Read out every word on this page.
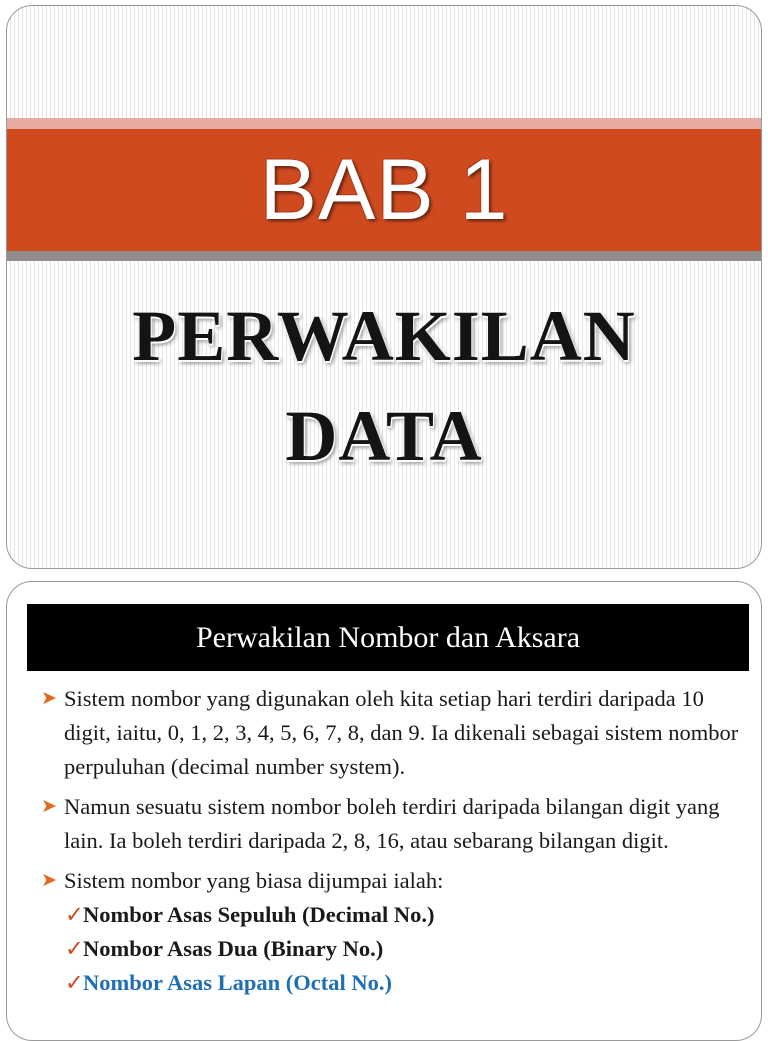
BAB 1
PERWAKILAN
DATA
Perwakilan Nombor dan Aksara
➤ Sistem nombor yang digunakan oleh kita setiap hari terdiri daripada 10 digit, iaitu, 0, 1, 2, 3, 4, 5, 6, 7, 8, dan 9. Ia dikenali sebagai sistem nombor perpuluhan (decimal number system).
➤ Namun sesuatu sistem nombor boleh terdiri daripada bilangan digit yang lain. Ia boleh terdiri daripada 2, 8, 16, atau sebarang bilangan digit.
➤ Sistem nombor yang biasa dijumpai ialah:
✓ Nombor Asas Sepuluh (Decimal No.)
✓ Nombor Asas Dua (Binary No.)
✓ Nombor Asas Lapan (Octal No.)
